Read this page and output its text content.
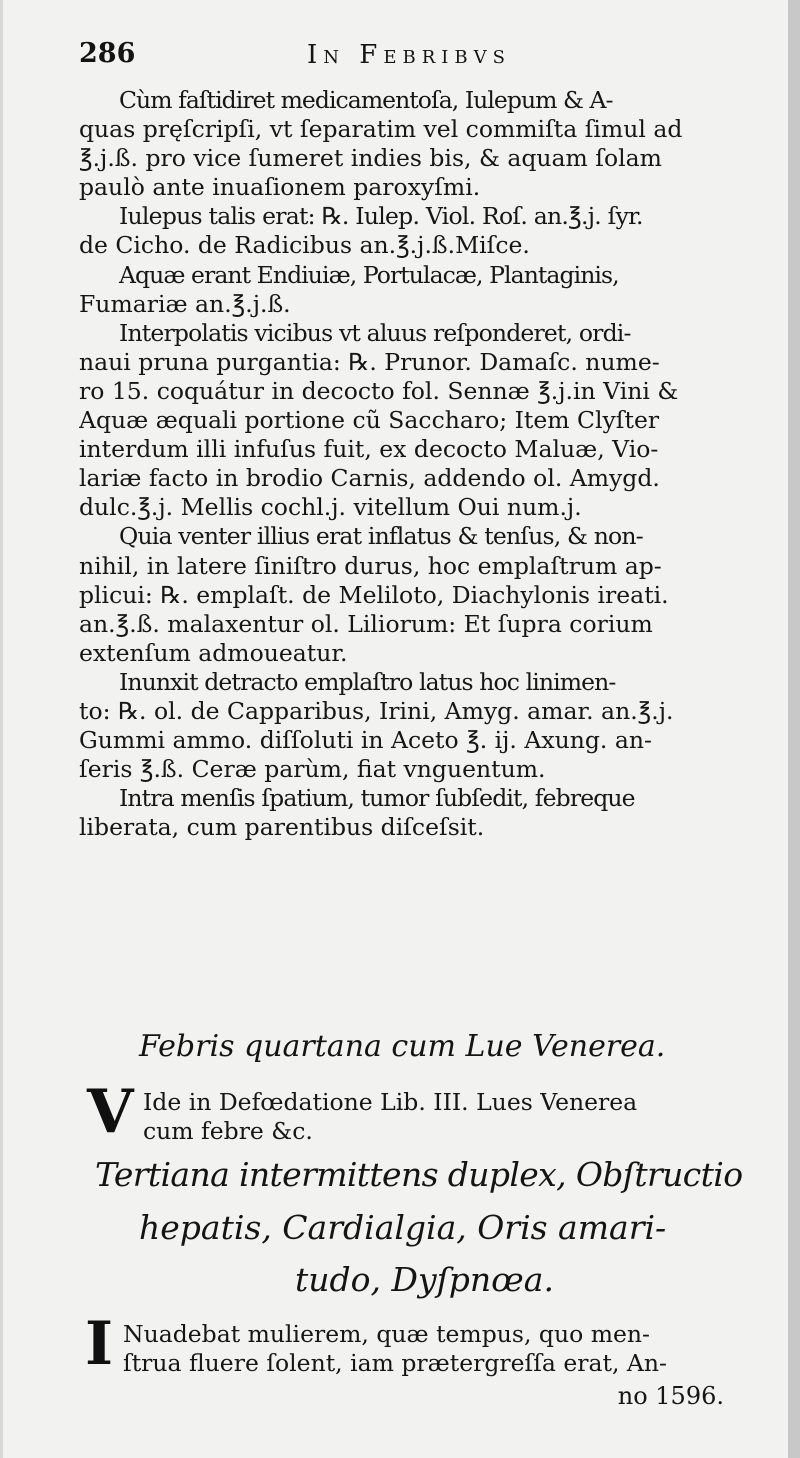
286	In Febribvs
Cùm faſtidiret medicamentoſa, Iulepum & A-
quas pręſcripſi, vt ſeparatim vel commiſta ſimul ad
℥.j.ß. pro vice ſumeret indies bis, & aquam ſolam
paulò ante inuaſionem paroxyſmi.
Iulepus talis erat: ℞. Iulep. Viol. Roſ. an.℥.j. ſyr.
de Cicho. de Radicibus an.℥.j.ß.Miſce.
Aquæ erant Endiuiæ, Portulacæ, Plantaginis,
Fumariæ an.℥.j.ß.
Interpolatis vicibus vt aluus reſponderet, ordi-
naui pruna purgantia: ℞. Prunor. Damaſc. nume-
ro 15. coquátur in decocto fol. Sennæ ℥.j.in Vini &
Aquæ æquali portione cũ Saccharo; Item Clyſter
interdum illi infuſus fuit, ex decocto Maluæ, Vio-
lariæ facto in brodio Carnis, addendo ol. Amygd.
dulc.℥.j. Mellis cochl.j. vitellum Oui num.j.
Quia venter illius erat inflatus & tenſus, & non-
nihil, in latere ſiniſtro durus, hoc emplaſtrum ap-
plicui: ℞. emplaſt. de Meliloto, Diachylonis ireati.
an.℥.ß. malaxentur ol. Liliorum: Et ſupra corium
extenſum admoueatur.
Inunxit detracto emplaſtro latus hoc linimen-
to: ℞. ol. de Capparibus, Irini, Amyg. amar. an.℥.j.
Gummi ammo. diſſoluti in Aceto ℥. ij. Axung. an-
ſeris ℥.ß. Ceræ parùm, fiat vnguentum.
Intra menſis ſpatium, tumor ſubſedit, febreque
liberata, cum parentibus diſceſsit.
Febris quartana cum Lue Venerea.
V Ide in Defœdatione Lib. III. Lues Venerea
cum febre &c.
Tertiana intermittens duplex, Obſtructio
hepatis, Cardialgia, Oris amari-
tudo, Dyſpnœa.
I Nuadebat mulierem, quæ tempus, quo men-
ſtrua fluere ſolent, iam prætergreſſa erat, An-
no 1596.
